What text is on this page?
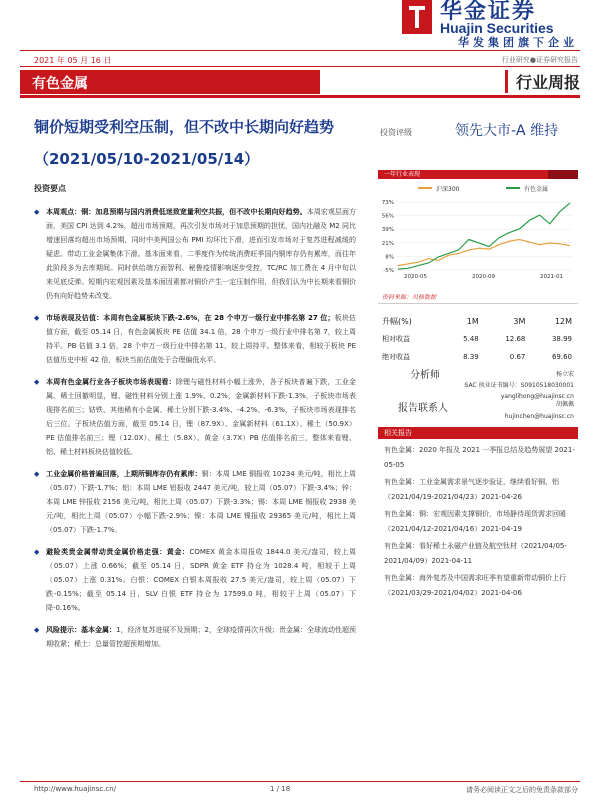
华金证券
Huajin Securities
华发集团旗下企业
2021 年 05 月 16 日	行业研究●证券研究报告
有色金属	行业周报
铜价短期受利空压制，但不改中长期向好趋势
（2021/05/10-2021/05/14）
投资评级	领先大市-A 维持
投资要点
◆ 本周观点：铜：加息预期与国内消费低迷致宽量利空共振，但不改中长期向好趋势。本周宏观层面方面，美国 CPI 达到 4.2%，超出市场预期，再次引发市场对于加息预期的担忧，国内社融及 M2 同比增速回落均超出市场预期，同时中美两国公布 PMI 均环比下滑，进而引发市场对于复苏进程减缓的疑虑。带动工业金属集体下滑。基本面来看，二季度作为传统消费旺季国内铜库存仍有累库，而往年此阶段多为去库期间。同时供给端方面智利、秘鲁疫情影响逐步受控，TC/RC 加工费在 4 月中旬以来见底反弹。短期内宏观因素及基本面因素都对铜价产生一定压制作用，但我们认为中长期来看铜价仍有向好趋势未改变。
◆ 市场表现及估值：本周有色金属板块下跌-2.6%，在 28 个申万一级行业中排名第 27 位；板块估值方面，截至 05.14 日，有色金属板块 PE 估值 34.1 倍，28 个申万一级行业中排名第 7，较上周持平。PB 估值 3.1 倍，28 个申万一级行业中排名第 11，较上周持平。整体来看，相较于板块 PE 估值历史中枢 42 倍，板块当前估值处于合理偏低水平。
◆ 本周有色金属行业各子板块市场表现看：除锂与磁性材料小幅上涨外，各子板块普遍下跌，工业金属、稀土回撤明显，锂、磁性材料分别上涨 1.9%、0.2%，金属新材料下跌-1.3%，子板块市场表现排名前三；钴铁、其他稀有小金属、稀土分别下跌-3.4%、-4.2%、-6.3%，子板块市场表现排名后三位。子板块估值方面，截至 05.14 日，锂（87.9X）、金属新材料（61.1X）、稀土（50.9X）PE 估值排名前三；锂（12.0X）、稀土（5.8X）、黄金（3.7X）PB 估值排名前三，整体来看锂、铝、稀土材料板块估值较低。
◆ 工业金属价格普遍回落，上期所铜库存仍有累库：铜：本周 LME 铜报收 10234 美元/吨，相比上周（05.07）下跌-1.7%；铝：本周 LME 铝报收 2447 美元/吨，较上周（05.07）下跌-3.4%；锌：本周 LME 锌报收 2156 美元/吨，相比上周（05.07）下跌-3.3%；锡：本周 LME 锡报收 2938 美元/吨，相比上周（05.07）小幅下跌-2.9%；镍：本周 LME 镍报收 29365 美元/吨，相比上周（05.07）下跌-1.7%。
◆ 避险类贵金属带动贵金属价格走强：黄金：COMEX 黄金本周报收 1844.0 美元/盎司，较上周（05.07）上涨 0.66%；截至 05.14 日，SDPR 黄金 ETF 持仓为 1028.4 吨，相较于上周（05.07）上涨 0.31%。白银：COMEX 白银本周报收 27.5 美元/盎司，较上周（05.07）下跌-0.15%；截至 05.14 日，SLV 白银 ETF 持仓为 17599.0 吨，相较于上周（05.07）下降-0.16%。
◆ 风险提示：基本金属：1，经济复苏进展不及预期；2，全球疫情再次升级；贵金属：全球流动性超预期收紧；稀土：总量管控超预期增加。
一年行业表现
沪深300	有色金属
73%
56%
39%
21%
8%
-5%
2020-05	2020-09	2021-01
资料来源：贝格数据
升幅(%)	1M	3M	12M
相对收益	5.48	12.68	38.99
绝对收益	8.39	0.67	69.60
分析师	杨立宏
SAC 执业证书编号：S0910518030001
yanglihong@huajinsc.cn
报告联系人	胡佩佩
hujinchen@huajinsc.cn
相关报告
有色金属：2020 年报及 2021 一季报总结及趋势展望 2021-05-05
有色金属：工业金属需求景气逐步验证，继续看好铜、铝（2021/04/19-2021/04/23）2021-04-26
有色金属：铜：宏观因素支撑铜价，市场静待现货需求回暖（2021/04/12-2021/04/16）2021-04-19
有色金属：看好稀土永磁产业链及航空钛材（2021/04/05-2021/04/09）2021-04-11
有色金属：海外复苏及中国需求旺季有望重新带动铜价上行（2021/03/29-2021/04/02）2021-04-06
http://www.huajinsc.cn/	1 / 18	请务必阅读正文之后的免责条款部分
